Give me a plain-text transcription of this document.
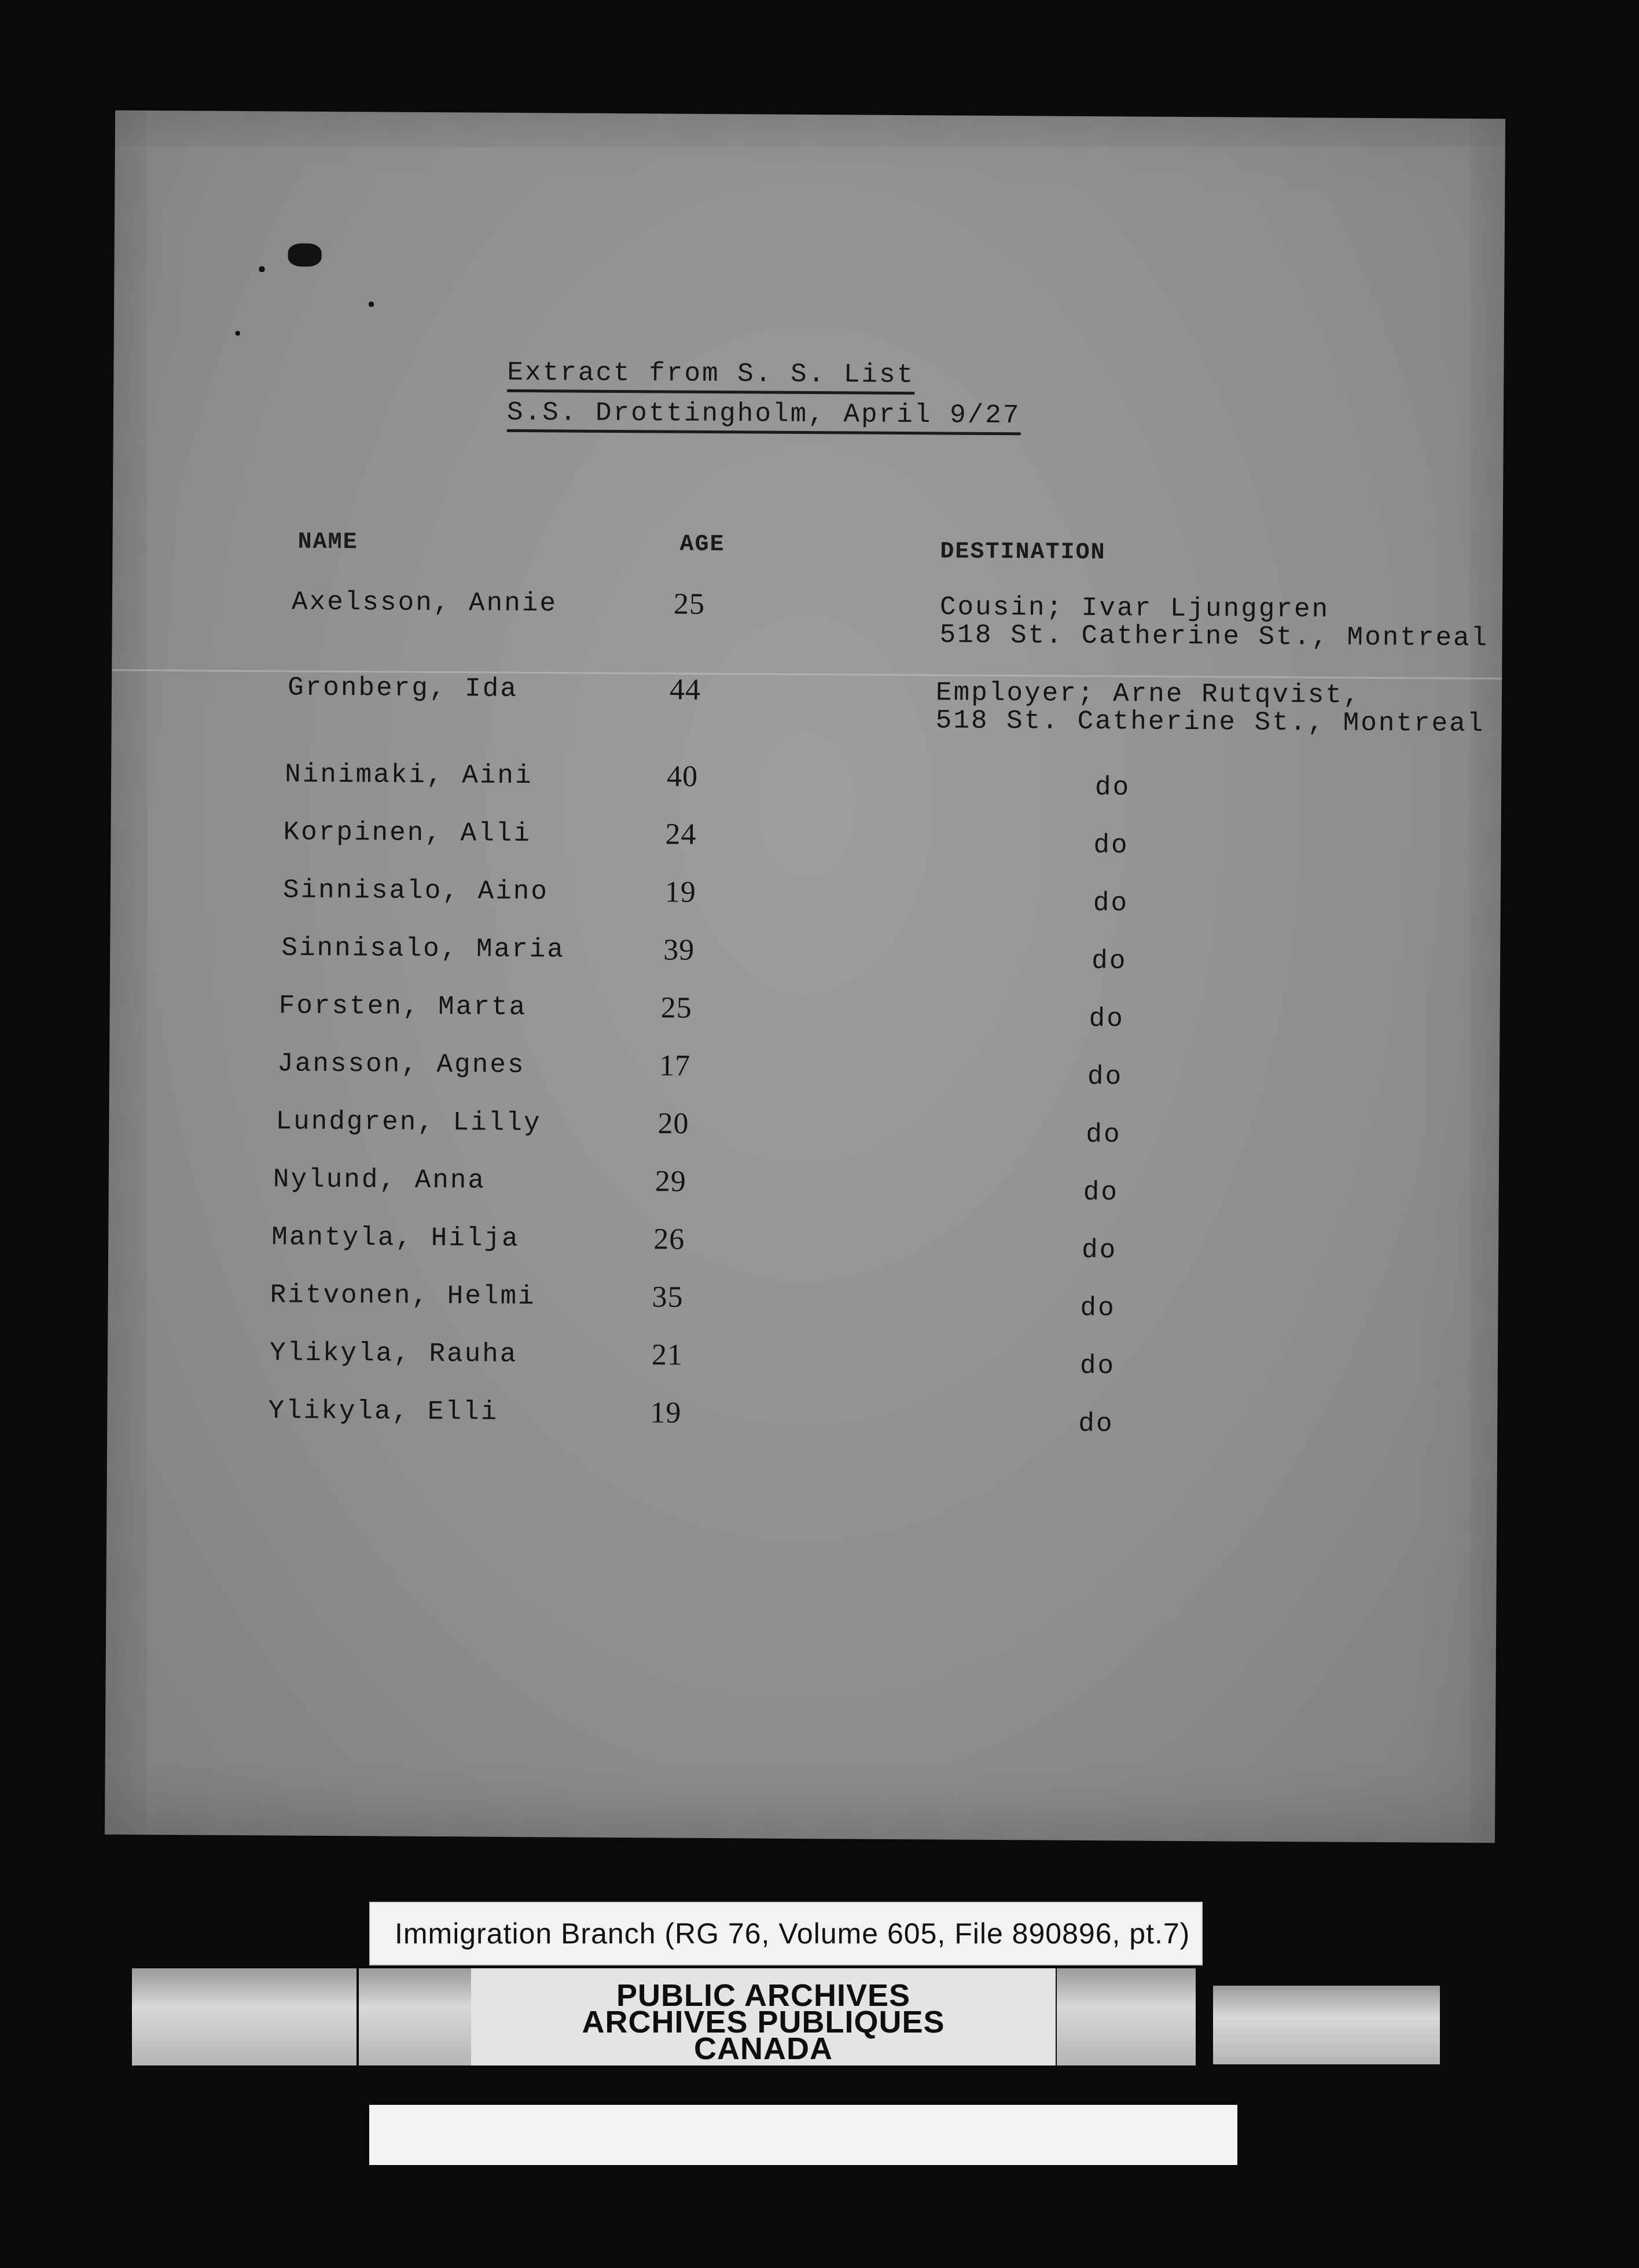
Extract from S. S. List
S.S. Drottingholm, April 9/27
NAME	AGE	DESTINATION
Axelsson, Annie	25	Cousin; Ivar Ljunggren
518 St. Catherine St., Montreal
Gronberg, Ida	44	Employer; Arne Rutqvist,
518 St. Catherine St., Montreal
Ninimaki, Aini	40	do
Korpinen, Alli	24	do
Sinnisalo, Aino	19	do
Sinnisalo, Maria	39	do
Forsten, Marta	25	do
Jansson, Agnes	17	do
Lundgren, Lilly	20	do
Nylund, Anna	29	do
Mantyla, Hilja	26	do
Ritvonen, Helmi	35	do
Ylikyla, Rauha	21	do
Ylikyla, Elli	19	do
Immigration Branch (RG 76, Volume 605, File 890896, pt.7)
PUBLIC ARCHIVES
ARCHIVES PUBLIQUES
CANADA
